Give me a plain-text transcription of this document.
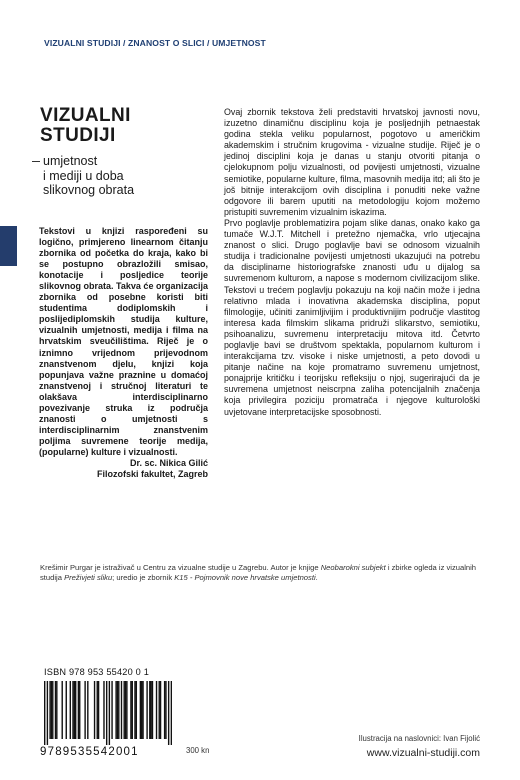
VIZUALNI STUDIJI / ZNANOST O SLICI / UMJETNOST
VIZUALNI
STUDIJI
umjetnost
i mediji u doba
slikovnog obrata
Tekstovi u knjizi raspoređeni su logično, primjereno linearnom čitanju zbornika od početka do kraja, kako bi se postupno obrazložili smisao, konotacije i posljedice teorije slikovnog obrata. Takva će organizacija zbornika od posebne koristi biti studentima dodiplomskih i poslijediplomskih studija kulture, vizualnih umjetnosti, medija i filma na hrvatskim sveučilištima. Riječ je o iznimno vrijednom prijevodnom znanstvenom djelu, knjizi koja popunjava važne praznine u domaćoj znanstvenoj i stručnoj literaturi te olakšava interdisciplinarno povezivanje struka iz područja znanosti o umjetnosti s interdisciplinarnim znanstvenim poljima suvremene teorije medija, (popularne) kulture i vizualnosti.
Dr. sc. Nikica Gilić
Filozofski fakultet, Zagreb

Ovaj zbornik tekstova želi predstaviti hrvatskoj javnosti novu, izuzetno dinamičnu disciplinu koja je posljednjih petnaestak godina stekla veliku popularnost, pogotovo u američkim akademskim i stručnim krugovima - vizualne studije. Riječ je o jedinoj disciplini koja je danas u stanju otvoriti pitanja o cjelokupnom polju vizualnosti, od povijesti umjetnosti, vizualne semiotike, popularne kulture, filma, masovnih medija itd; ali što je još bitnije interakcijom ovih disciplina i ponuditi neke važne odgovore ili barem uputiti na metodologiju kojom možemo pristupiti suvremenim vizualnim iskazima.

Prvo poglavlje problematizira pojam slike danas, onako kako ga tumače W.J.T. Mitchell i pretežno njemačka, vrlo utjecajna znanost o slici. Drugo poglavlje bavi se odnosom vizualnih studija i tradicionalne povijesti umjetnosti ukazujući na potrebu da disciplinarne historiografske znanosti uđu u dijalog sa suvremenom kulturom, a napose s modernom civilizacijom slike. Tekstovi u trećem poglavlju pokazuju na koji način može i jedna relativno mlada i inovativna akademska disciplina, poput filmologije, učiniti zanimljivijim i produktivnijim područje vlastitog interesa kada filmskim slikama pridruži slikarstvo, semiotiku, psihoanalizu, suvremenu interpretaciju mitova itd. Četvrto poglavlje bavi se društvom spektakla, popularnom kulturom i interakcijama tzv. visoke i niske umjetnosti, a peto dovodi u pitanje načine na koje promatramo suvremenu umjetnost, ponajprije kritičku i teorijsku refleksiju o njoj, sugerirajući da je suvremena umjetnost neiscrpna zaliha potencijalnih značenja koja privilegira poziciju promatrača i njegove kulturološki uvjetovane interpretacijske sposobnosti.

Krešimir Purgar je istraživač u Centru za vizualne studije u Zagrebu. Autor je knjige Neobarokni subjekt i zbirke ogleda iz vizualnih studija Preživjeti sliku; uredio je zbornik K15 - Pojmovnik nove hrvatske umjetnosti.
ISBN 978 953 55420 0 1
9789535542001	300 kn
Ilustracija na naslovnici: Ivan Fijolić
www.vizualni-studiji.com
